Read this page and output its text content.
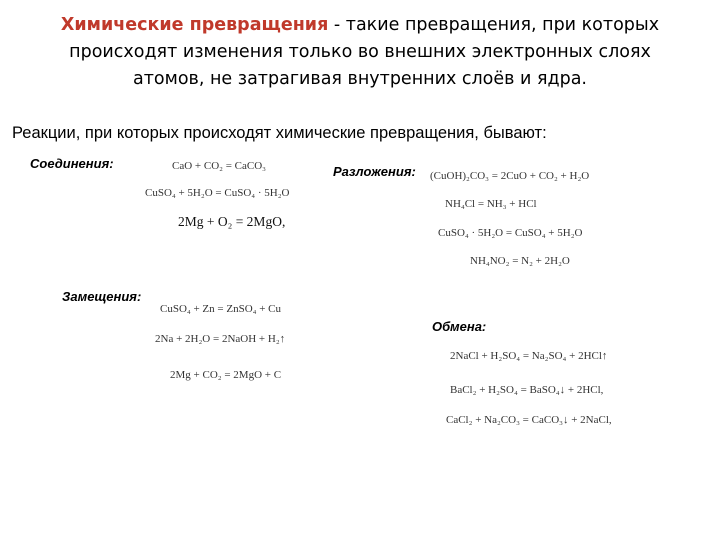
Химические превращения - такие превращения, при которых
происходят изменения только во внешних электронных слоях
атомов, не затрагивая внутренних слоёв и ядра.
Реакции, при которых происходят химические превращения, бывают:
Соединения:	CaO + CO₂ = CaCO₃
CuSO₄ + 5H₂O = CuSO₄ · 5H₂O
2Mg + O₂ = 2MgO,
Разложения: (CuOH)₂CO₃ = 2CuO + CO₂ + H₂O
NH₄Cl = NH₃ + HCl
CuSO₄ · 5H₂O = CuSO₄ + 5H₂O
NH₄NO₂ = N₂ + 2H₂O
Замещения:
CuSO₄ + Zn = ZnSO₄ + Cu
2Na + 2H₂O = 2NaOH + H₂↑
2Mg + CO₂ = 2MgO + C
Обмена:
2NaCl + H₂SO₄ = Na₂SO₄ + 2HCl↑
BaCl₂ + H₂SO₄ = BaSO₄↓ + 2HCl,
CaCl₂ + Na₂CO₃ = CaCO₃↓ + 2NaCl,
